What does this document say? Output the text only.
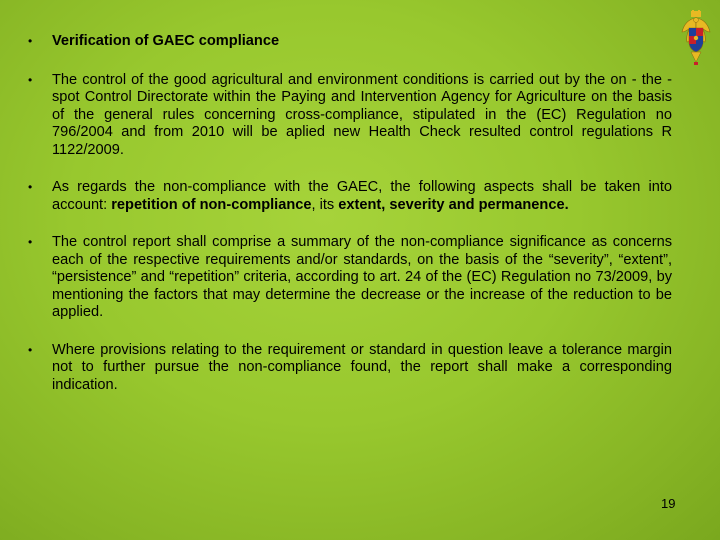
• Verification of GAEC compliance
• The control of the good agricultural and environment conditions is carried out by the on - the - spot Control Directorate within the Paying and Intervention Agency for Agriculture on the basis of the general rules concerning cross-compliance, stipulated in the (EC) Regulation no 796/2004 and from 2010 will be aplied new Health Check resulted control regulations R 1122/2009.
• As regards the non-compliance with the GAEC, the following aspects shall be taken into account: repetition of non-compliance, its extent, severity and permanence.
• The control report shall comprise a summary of the non-compliance significance as concerns each of the respective requirements and/or standards, on the basis of the “severity”, “extent”, “persistence” and “repetition” criteria, according to art. 24 of the (EC) Regulation no 73/2009, by mentioning the factors that may determine the decrease or the increase of the reduction to be applied.
• Where provisions relating to the requirement or standard in question leave a tolerance margin not to further pursue the non-compliance found, the report shall make a corresponding indication.
19
